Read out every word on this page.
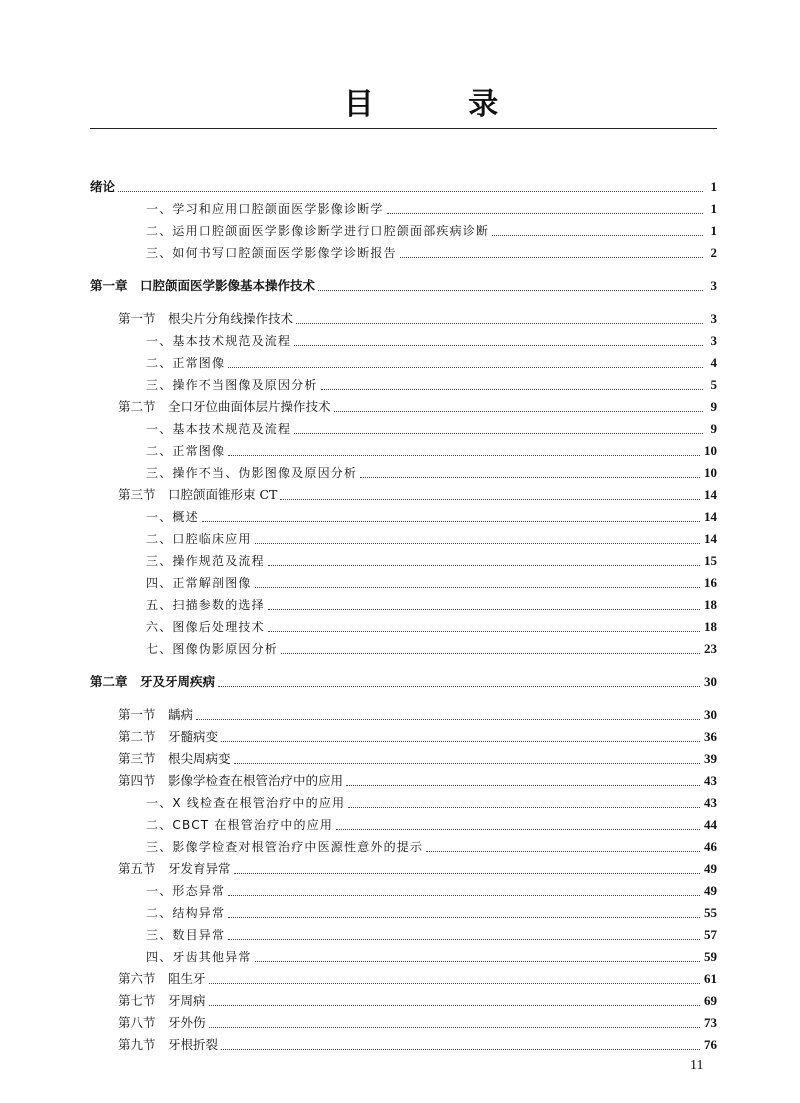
目 录
绪论	1
一、学习和应用口腔颌面医学影像诊断学	1
二、运用口腔颌面医学影像诊断学进行口腔颌面部疾病诊断	1
三、如何书写口腔颌面医学影像学诊断报告	2
第一章　口腔颌面医学影像基本操作技术	3
第一节　根尖片分角线操作技术	3
一、基本技术规范及流程	3
二、正常图像	4
三、操作不当图像及原因分析	5
第二节　全口牙位曲面体层片操作技术	9
一、基本技术规范及流程	9
二、正常图像	10
三、操作不当、伪影图像及原因分析	10
第三节　口腔颌面锥形束 CT	14
一、概述	14
二、口腔临床应用	14
三、操作规范及流程	15
四、正常解剖图像	16
五、扫描参数的选择	18
六、图像后处理技术	18
七、图像伪影原因分析	23
第二章　牙及牙周疾病	30
第一节　龋病	30
第二节　牙髓病变	36
第三节　根尖周病变	39
第四节　影像学检查在根管治疗中的应用	43
一、X 线检查在根管治疗中的应用	43
二、CBCT 在根管治疗中的应用	44
三、影像学检查对根管治疗中医源性意外的提示	46
第五节　牙发育异常	49
一、形态异常	49
二、结构异常	55
三、数目异常	57
四、牙齿其他异常	59
第六节　阻生牙	61
第七节　牙周病	69
第八节　牙外伤	73
第九节　牙根折裂	76
11
